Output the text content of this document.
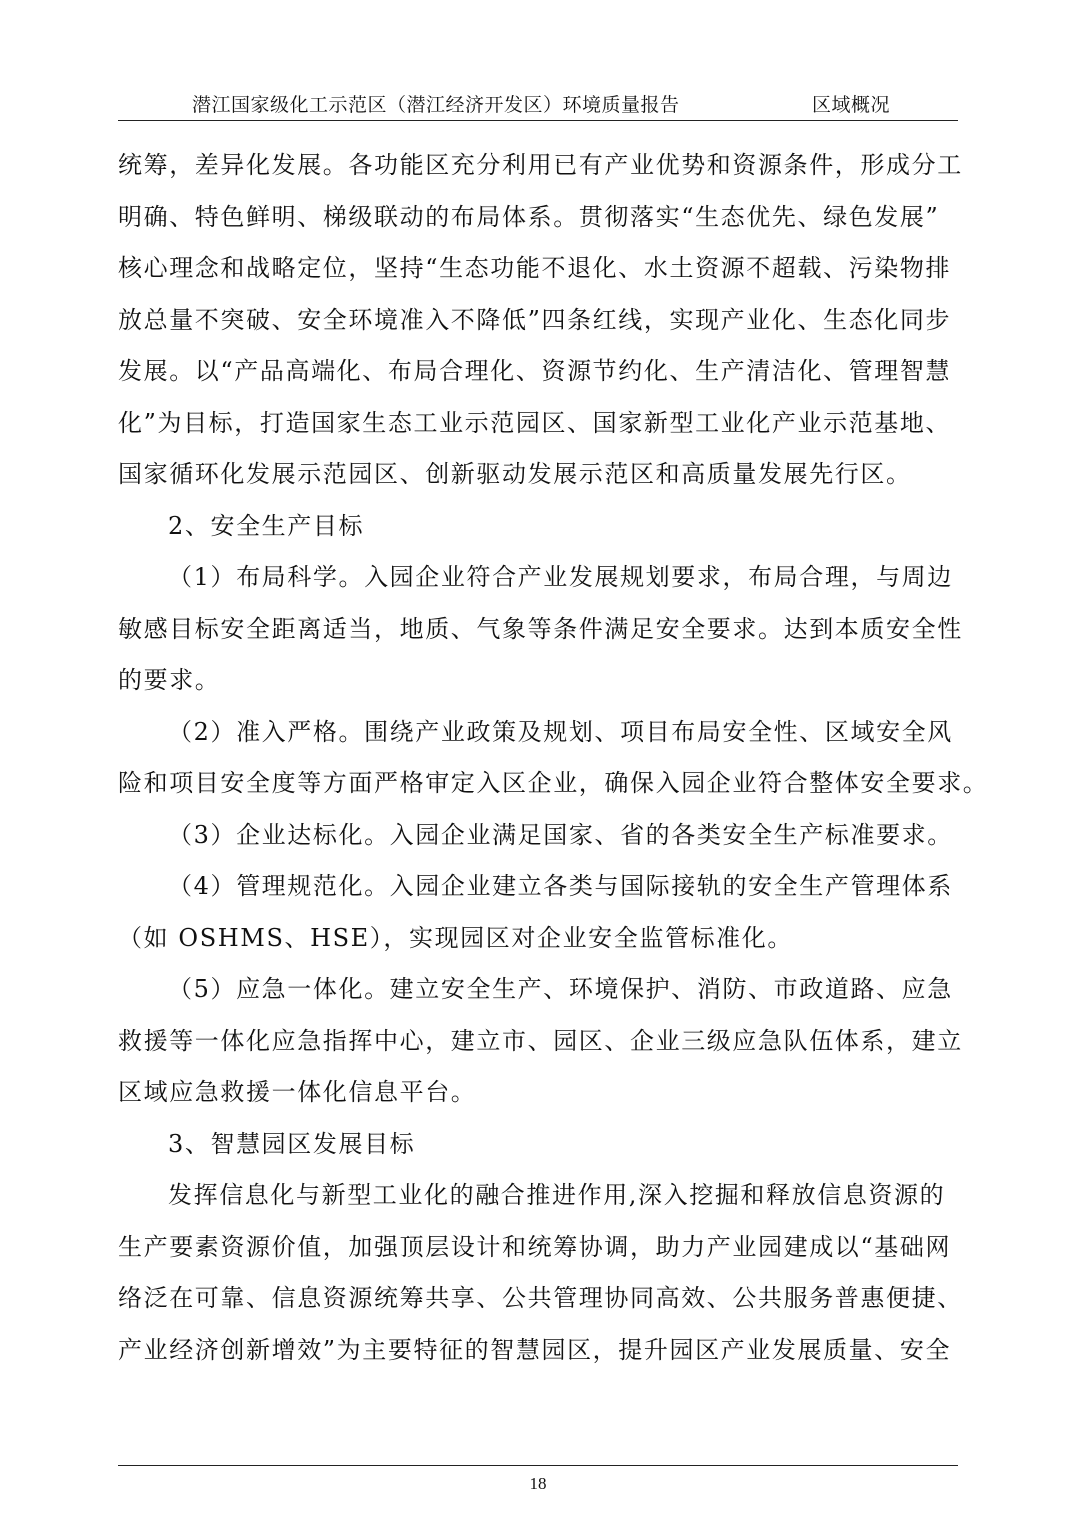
潜江国家级化工示范区（潜江经济开发区）环境质量报告	区域概况
统筹，差异化发展。各功能区充分利用已有产业优势和资源条件，形成分工
明确、特色鲜明、梯级联动的布局体系。贯彻落实“生态优先、绿色发展”
核心理念和战略定位，坚持“生态功能不退化、水土资源不超载、污染物排
放总量不突破、安全环境准入不降低”四条红线，实现产业化、生态化同步
发展。以“产品高端化、布局合理化、资源节约化、生产清洁化、管理智慧
化”为目标，打造国家生态工业示范园区、国家新型工业化产业示范基地、
国家循环化发展示范园区、创新驱动发展示范区和高质量发展先行区。
2、安全生产目标
（1）布局科学。入园企业符合产业发展规划要求，布局合理，与周边
敏感目标安全距离适当，地质、气象等条件满足安全要求。达到本质安全性
的要求。
（2）准入严格。围绕产业政策及规划、项目布局安全性、区域安全风
险和项目安全度等方面严格审定入区企业，确保入园企业符合整体安全要求。
（3）企业达标化。入园企业满足国家、省的各类安全生产标准要求。
（4）管理规范化。入园企业建立各类与国际接轨的安全生产管理体系
（如 OSHMS、HSE），实现园区对企业安全监管标准化。
（5）应急一体化。建立安全生产、环境保护、消防、市政道路、应急
救援等一体化应急指挥中心，建立市、园区、企业三级应急队伍体系，建立
区域应急救援一体化信息平台。
3、智慧园区发展目标
发挥信息化与新型工业化的融合推进作用,深入挖掘和释放信息资源的
生产要素资源价值，加强顶层设计和统筹协调，助力产业园建成以“基础网
络泛在可靠、信息资源统筹共享、公共管理协同高效、公共服务普惠便捷、
产业经济创新增效”为主要特征的智慧园区，提升园区产业发展质量、安全
18
